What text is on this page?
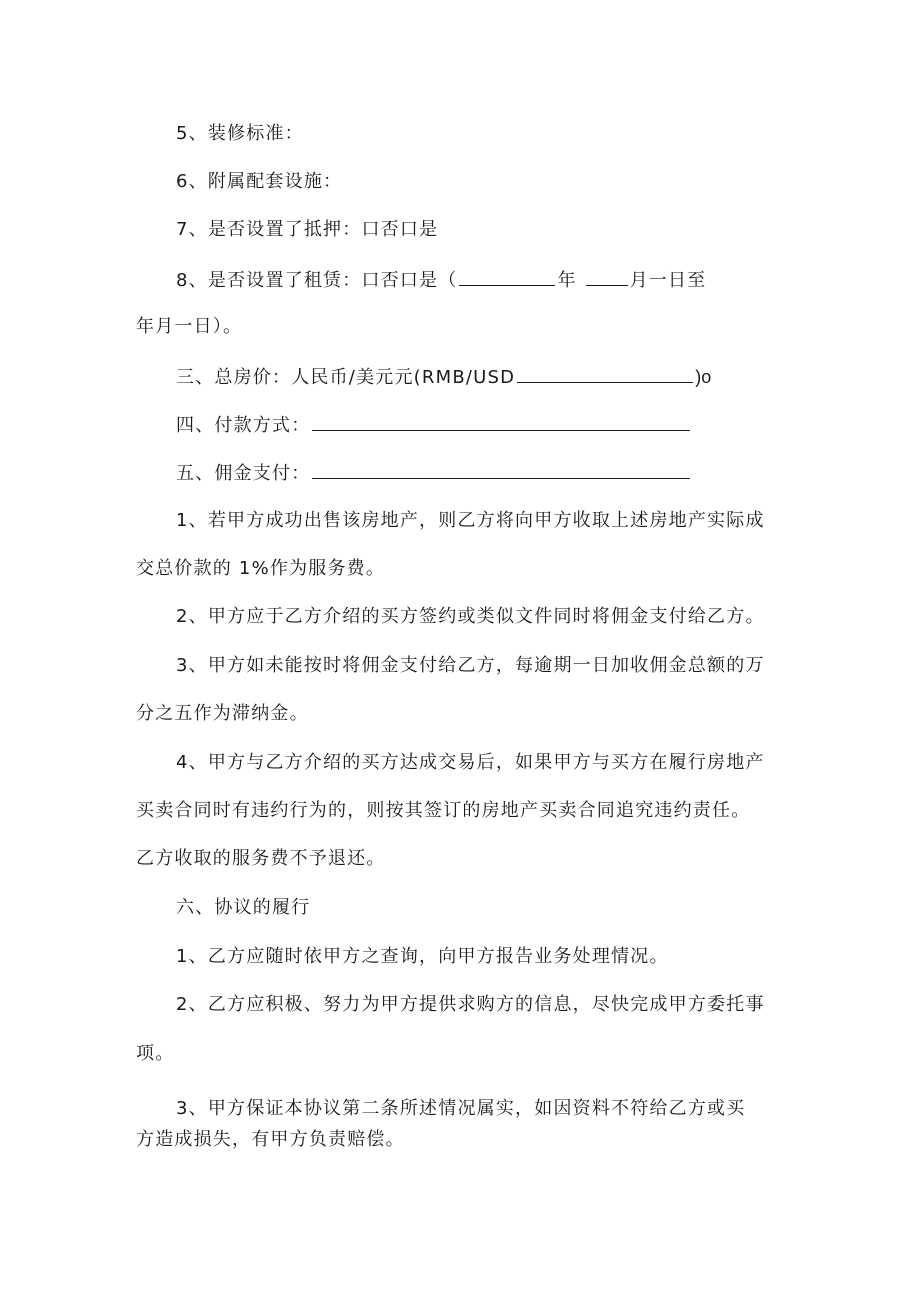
5、装修标准：
6、附属配套设施：
7、是否设置了抵押：口否口是
8、是否设置了租赁：口否口是（	年	月一日至
年月一日）。
三、总房价：人民币/美元元(RMB/USD	)o
四、付款方式：
五、佣金支付：
1、若甲方成功出售该房地产，则乙方将向甲方收取上述房地产实际成
交总价款的 1%作为服务费。
2、甲方应于乙方介绍的买方签约或类似文件同时将佣金支付给乙方。
3、甲方如未能按时将佣金支付给乙方，每逾期一日加收佣金总额的万
分之五作为滞纳金。
4、甲方与乙方介绍的买方达成交易后，如果甲方与买方在履行房地产
买卖合同时有违约行为的，则按其签订的房地产买卖合同追究违约责任。
乙方收取的服务费不予退还。
六、协议的履行
1、乙方应随时依甲方之查询，向甲方报告业务处理情况。
2、乙方应积极、努力为甲方提供求购方的信息，尽快完成甲方委托事
项。
3、甲方保证本协议第二条所述情况属实，如因资料不符给乙方或买
方造成损失，有甲方负责赔偿。
